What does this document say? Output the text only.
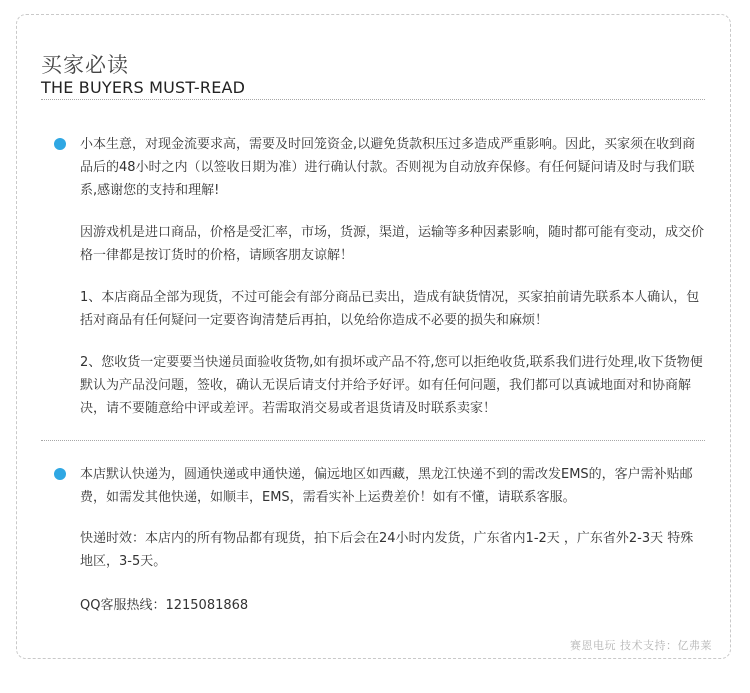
买家必读
THE BUYERS MUST-READ

小本生意，对现金流要求高，需要及时回笼资金,以避免货款积压过多造成严重影响。因此，买家须在收到商品后的48小时之内（以签收日期为准）进行确认付款。否则视为自动放弃保修。有任何疑问请及时与我们联系,感谢您的支持和理解!

因游戏机是进口商品，价格是受汇率，市场，货源，渠道，运输等多种因素影响，随时都可能有变动，成交价格一律都是按订货时的价格，请顾客朋友谅解！

1、本店商品全部为现货，不过可能会有部分商品已卖出，造成有缺货情况，买家拍前请先联系本人确认，包括对商品有任何疑问一定要咨询清楚后再拍，以免给你造成不必要的损失和麻烦！

2、您收货一定要要当快递员面验收货物,如有损坏或产品不符,您可以拒绝收货,联系我们进行处理,收下货物便默认为产品没问题，签收，确认无误后请支付并给予好评。如有任何问题，我们都可以真诚地面对和协商解决，请不要随意给中评或差评。若需取消交易或者退货请及时联系卖家！

本店默认快递为，圆通快递或申通快递，偏远地区如西藏，黑龙江快递不到的需改发EMS的，客户需补贴邮费，如需发其他快递，如顺丰，EMS，需看实补上运费差价！如有不懂，请联系客服。

快递时效：本店内的所有物品都有现货，拍下后会在24小时内发货，广东省内1-2天 ，广东省外2-3天 特殊地区，3-5天。

QQ客服热线：1215081868

赛恩电玩 技术支持：亿弗莱
